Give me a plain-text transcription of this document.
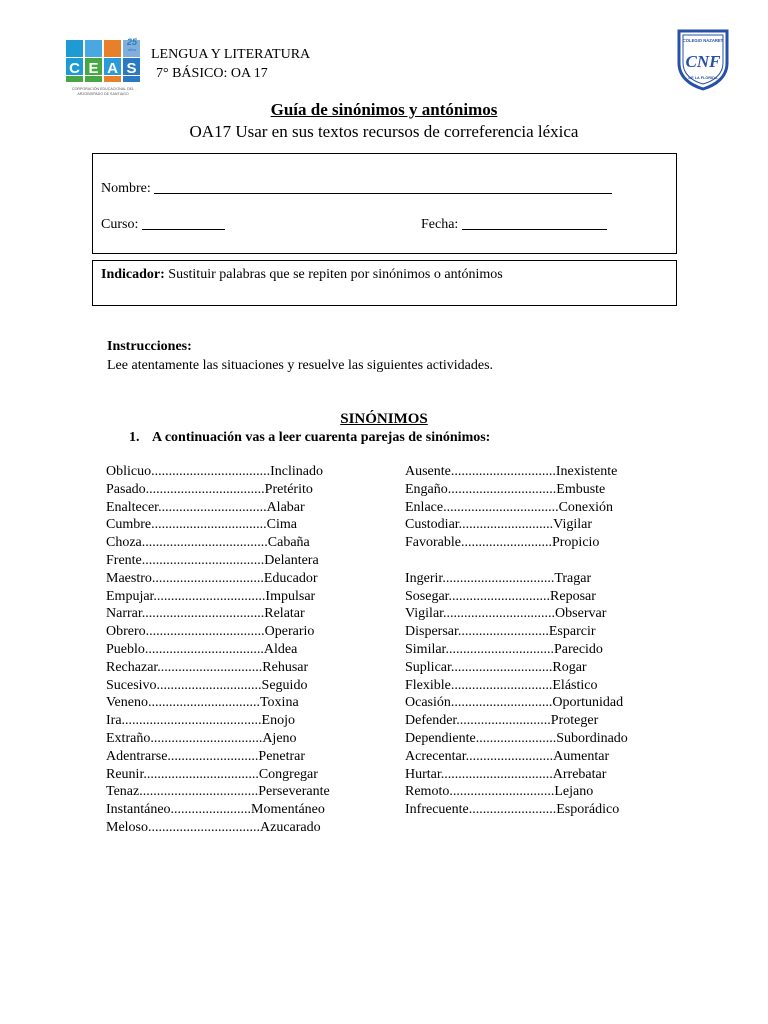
C E A S
25
años
CORPORACIÓN EDUCACIONAL DEL
ARZOBISPADO DE SANTIAGO
LENGUA Y LITERATURA
7° BÁSICO: OA 17
COLEGIO NAZARET
CNF
DE LA FLORIDA
Guía de sinónimos y antónimos
OA17 Usar en sus textos recursos de correferencia léxica
Nombre:
Curso:	Fecha:
Indicador: Sustituir palabras que se repiten por sinónimos o antónimos
Instrucciones:
Lee atentamente las situaciones y resuelve las siguientes actividades.
SINÓNIMOS
1. A continuación vas a leer cuarenta parejas de sinónimos:
Oblicuo..................................Inclinado
Pasado..................................Pretérito
Enaltecer...............................Alabar
Cumbre.................................Cima
Choza....................................Cabaña
Frente...................................Delantera
Maestro................................Educador
Empujar................................Impulsar
Narrar...................................Relatar
Obrero..................................Operario
Pueblo..................................Aldea
Rechazar..............................Rehusar
Sucesivo..............................Seguido
Veneno................................Toxina
Ira........................................Enojo
Extraño................................Ajeno
Adentrarse..........................Penetrar
Reunir.................................Congregar
Tenaz..................................Perseverante
Instantáneo.......................Momentáneo
Meloso................................Azucarado
Ausente..............................Inexistente
Engaño...............................Embuste
Enlace.................................Conexión
Custodiar...........................Vigilar
Favorable..........................Propicio
Ingerir................................Tragar
Sosegar.............................Reposar
Vigilar................................Observar
Dispersar..........................Esparcir
Similar...............................Parecido
Suplicar.............................Rogar
Flexible.............................Elástico
Ocasión.............................Oportunidad
Defender...........................Proteger
Dependiente.......................Subordinado
Acrecentar.........................Aumentar
Hurtar................................Arrebatar
Remoto..............................Lejano
Infrecuente.........................Esporádico
